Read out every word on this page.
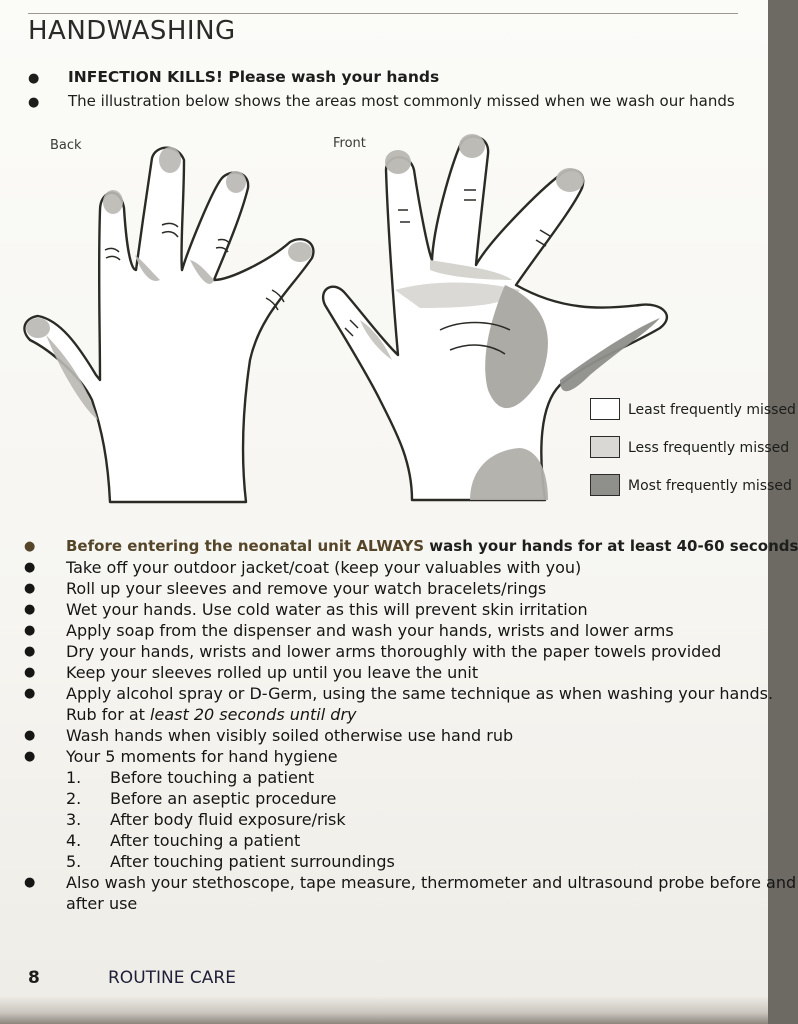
HANDWASHING
● INFECTION KILLS! Please wash your hands
● The illustration below shows the areas most commonly missed when we wash our hands
Back	Front
Least frequently missed
Less frequently missed
Most frequently missed
● Before entering the neonatal unit ALWAYS wash your hands for at least 40-60 seconds
● Take off your outdoor jacket/coat (keep your valuables with you)
● Roll up your sleeves and remove your watch bracelets/rings
● Wet your hands. Use cold water as this will prevent skin irritation
● Apply soap from the dispenser and wash your hands, wrists and lower arms
● Dry your hands, wrists and lower arms thoroughly with the paper towels provided
● Keep your sleeves rolled up until you leave the unit
● Apply alcohol spray or D-Germ, using the same technique as when washing your hands.
Rub for at least 20 seconds until dry
● Wash hands when visibly soiled otherwise use hand rub
● Your 5 moments for hand hygiene
1. Before touching a patient
2. Before an aseptic procedure
3. After body fluid exposure/risk
4. After touching a patient
5. After touching patient surroundings
● Also wash your stethoscope, tape measure, thermometer and ultrasound probe before and
after use
8	ROUTINE CARE
